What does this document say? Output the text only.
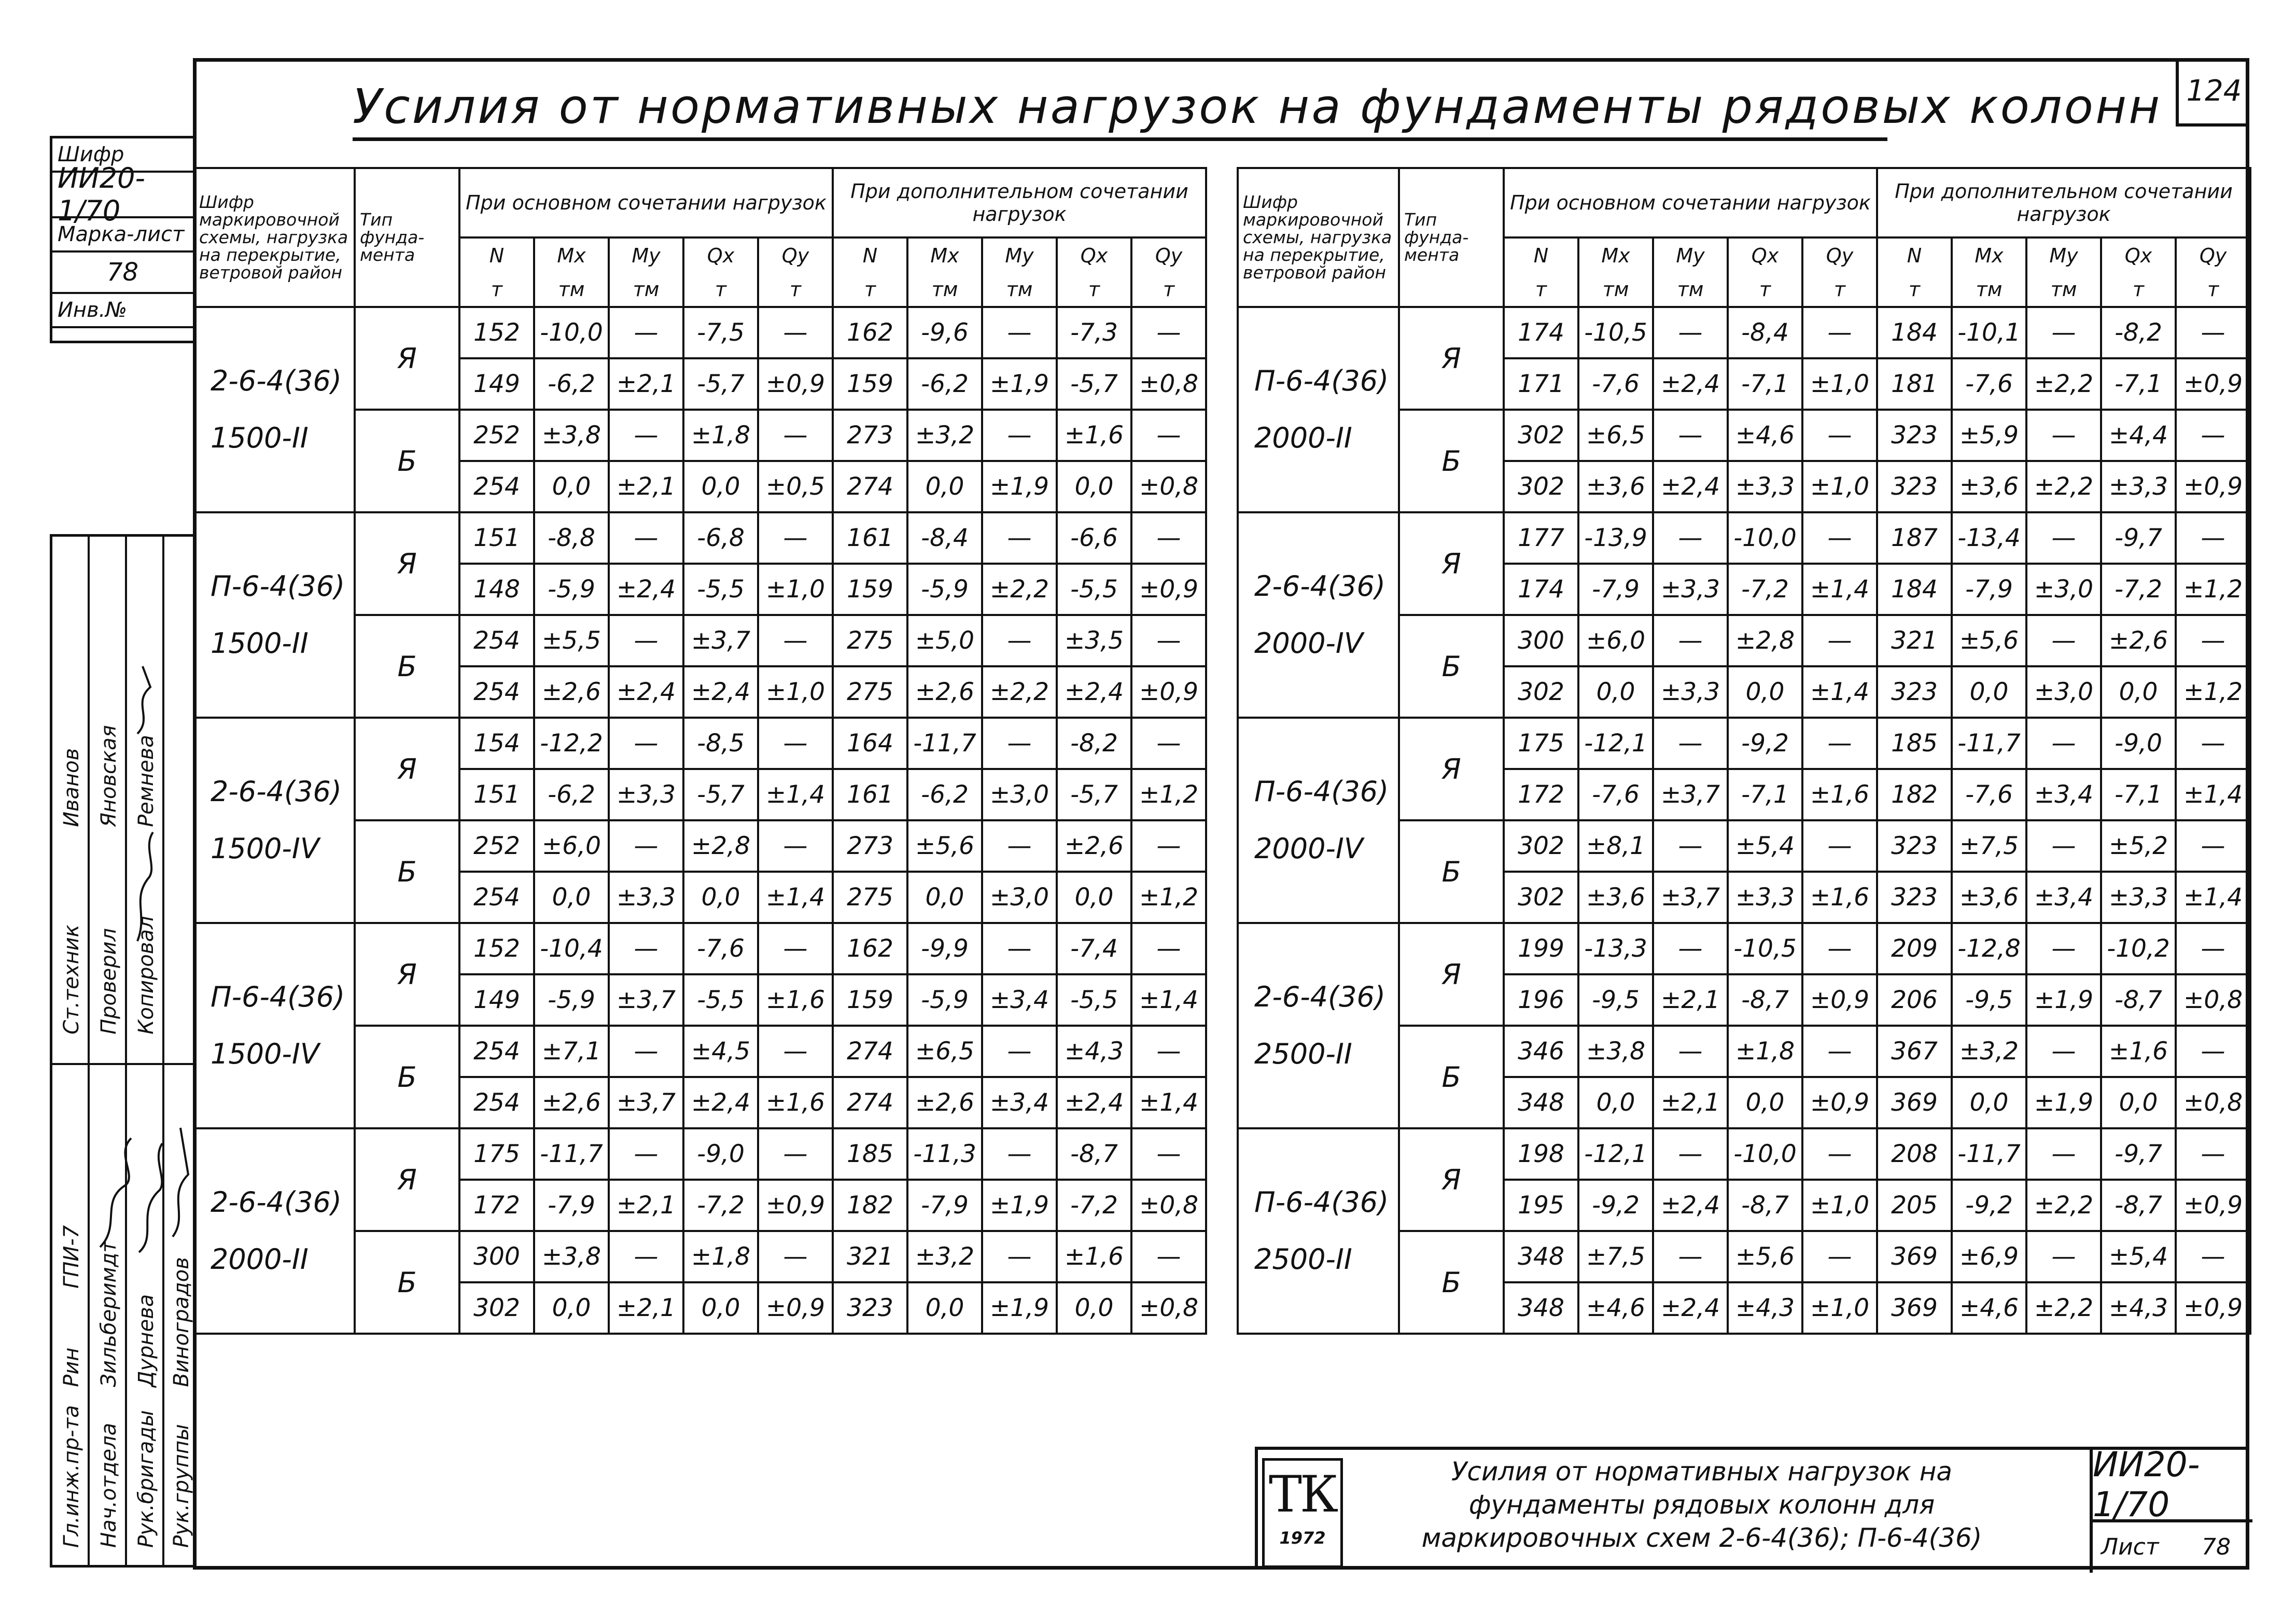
Усилия от нормативных нагрузок на фундаменты рядовых колонн 124
Шифр
ИИ20-1/70
Марка-лист
78
Инв.№
Ст.техник
Гл.инж.пр-та
Проверил
Нач.отдела
Копировал
Рук.бригады Рук.группы
Иванов Яновская Ремнева
Рин Зильберимдт Дурнева Виноградов
ГПИ-7
Шифр маркировочной схемы, нагрузка на перекрытие, ветровой район	Тип фунда-мента	При основном сочетании нагрузок					При дополнительном сочетании нагрузок				
		N	Mx	My	Qx	Qy	N	Mx	My	Qx	Qy
		т	тм	тм	т	т	т	тм	тм	т	т
2-6-4(36) 1500-II	Я	152	-10,0	—	-7,5	—	162	-9,6	—	-7,3	—
		149	-6,2	±2,1	-5,7	±0,9	159	-6,2	±1,9	-5,7	±0,8
	Б	252	±3,8	—	±1,8	—	273	±3,2	—	±1,6	—
		254	0,0	±2,1	0,0	±0,5	274	0,0	±1,9	0,0	±0,8
П-6-4(36) 1500-II	Я	151	-8,8	—	-6,8	—	161	-8,4	—	-6,6	—
		148	-5,9	±2,4	-5,5	±1,0	159	-5,9	±2,2	-5,5	±0,9
	Б	254	±5,5	—	±3,7	—	275	±5,0	—	±3,5	—
		254	±2,6	±2,4	±2,4	±1,0	275	±2,6	±2,2	±2,4	±0,9
2-6-4(36) 1500-IV	Я	154	-12,2	—	-8,5	—	164	-11,7	—	-8,2	—
		151	-6,2	±3,3	-5,7	±1,4	161	-6,2	±3,0	-5,7	±1,2
	Б	252	±6,0	—	±2,8	—	273	±5,6	—	±2,6	—
		254	0,0	±3,3	0,0	±1,4	275	0,0	±3,0	0,0	±1,2
П-6-4(36) 1500-IV	Я	152	-10,4	—	-7,6	—	162	-9,9	—	-7,4	—
		149	-5,9	±3,7	-5,5	±1,6	159	-5,9	±3,4	-5,5	±1,4
	Б	254	±7,1	—	±4,5	—	274	±6,5	—	±4,3	—
		254	±2,6	±3,7	±2,4	±1,6	274	±2,6	±3,4	±2,4	±1,4
2-6-4(36) 2000-II	Я	175	-11,7	—	-9,0	—	185	-11,3	—	-8,7	—
		172	-7,9	±2,1	-7,2	±0,9	182	-7,9	±1,9	-7,2	±0,8
	Б	300	±3,8	—	±1,8	—	321	±3,2	—	±1,6	—
		302	0,0	±2,1	0,0	±0,9	323	0,0	±1,9	0,0	±0,8
Шифр маркировочной схемы, нагрузка на перекрытие, ветровой район	Тип фунда-мента	При основном сочетании нагрузок					При дополнительном сочетании нагрузок				
		N	Mx	My	Qx	Qy	N	Mx	My	Qx	Qy
		т	тм	тм	т	т	т	тм	тм	т	т
П-6-4(36) 2000-II	Я	174	-10,5	—	-8,4	—	184	-10,1	—	-8,2	—
		171	-7,6	±2,4	-7,1	±1,0	181	-7,6	±2,2	-7,1	±0,9
	Б	302	±6,5	—	±4,6	—	323	±5,9	—	±4,4	—
		302	±3,6	±2,4	±3,3	±1,0	323	±3,6	±2,2	±3,3	±0,9
2-6-4(36) 2000-IV	Я	177	-13,9	—	-10,0	—	187	-13,4	—	-9,7	—
		174	-7,9	±3,3	-7,2	±1,4	184	-7,9	±3,0	-7,2	±1,2
	Б	300	±6,0	—	±2,8	—	321	±5,6	—	±2,6	—
		302	0,0	±3,3	0,0	±1,4	323	0,0	±3,0	0,0	±1,2
П-6-4(36) 2000-IV	Я	175	-12,1	—	-9,2	—	185	-11,7	—	-9,0	—
		172	-7,6	±3,7	-7,1	±1,6	182	-7,6	±3,4	-7,1	±1,4
	Б	302	±8,1	—	±5,4	—	323	±7,5	—	±5,2	—
		302	±3,6	±3,7	±3,3	±1,6	323	±3,6	±3,4	±3,3	±1,4
2-6-4(36) 2500-II	Я	199	-13,3	—	-10,5	—	209	-12,8	—	-10,2	—
		196	-9,5	±2,1	-8,7	±0,9	206	-9,5	±1,9	-8,7	±0,8
	Б	346	±3,8	—	±1,8	—	367	±3,2	—	±1,6	—
		348	0,0	±2,1	0,0	±0,9	369	0,0	±1,9	0,0	±0,8
П-6-4(36) 2500-II	Я	198	-12,1	—	-10,0	—	208	-11,7	—	-9,7	—
		195	-9,2	±2,4	-8,7	±1,0	205	-9,2	±2,2	-8,7	±0,9
	Б	348	±7,5	—	±5,6	—	369	±6,9	—	±5,4	—
		348	±4,6	±2,4	±4,3	±1,0	369	±4,6	±2,2	±4,3	±0,9
ТК
1972
Усилия от нормативных нагрузок на фундаменты рядовых колонн для маркировочных схем 2-6-4(36); П-6-4(36)
ИИ20-1/70
Лист 78
